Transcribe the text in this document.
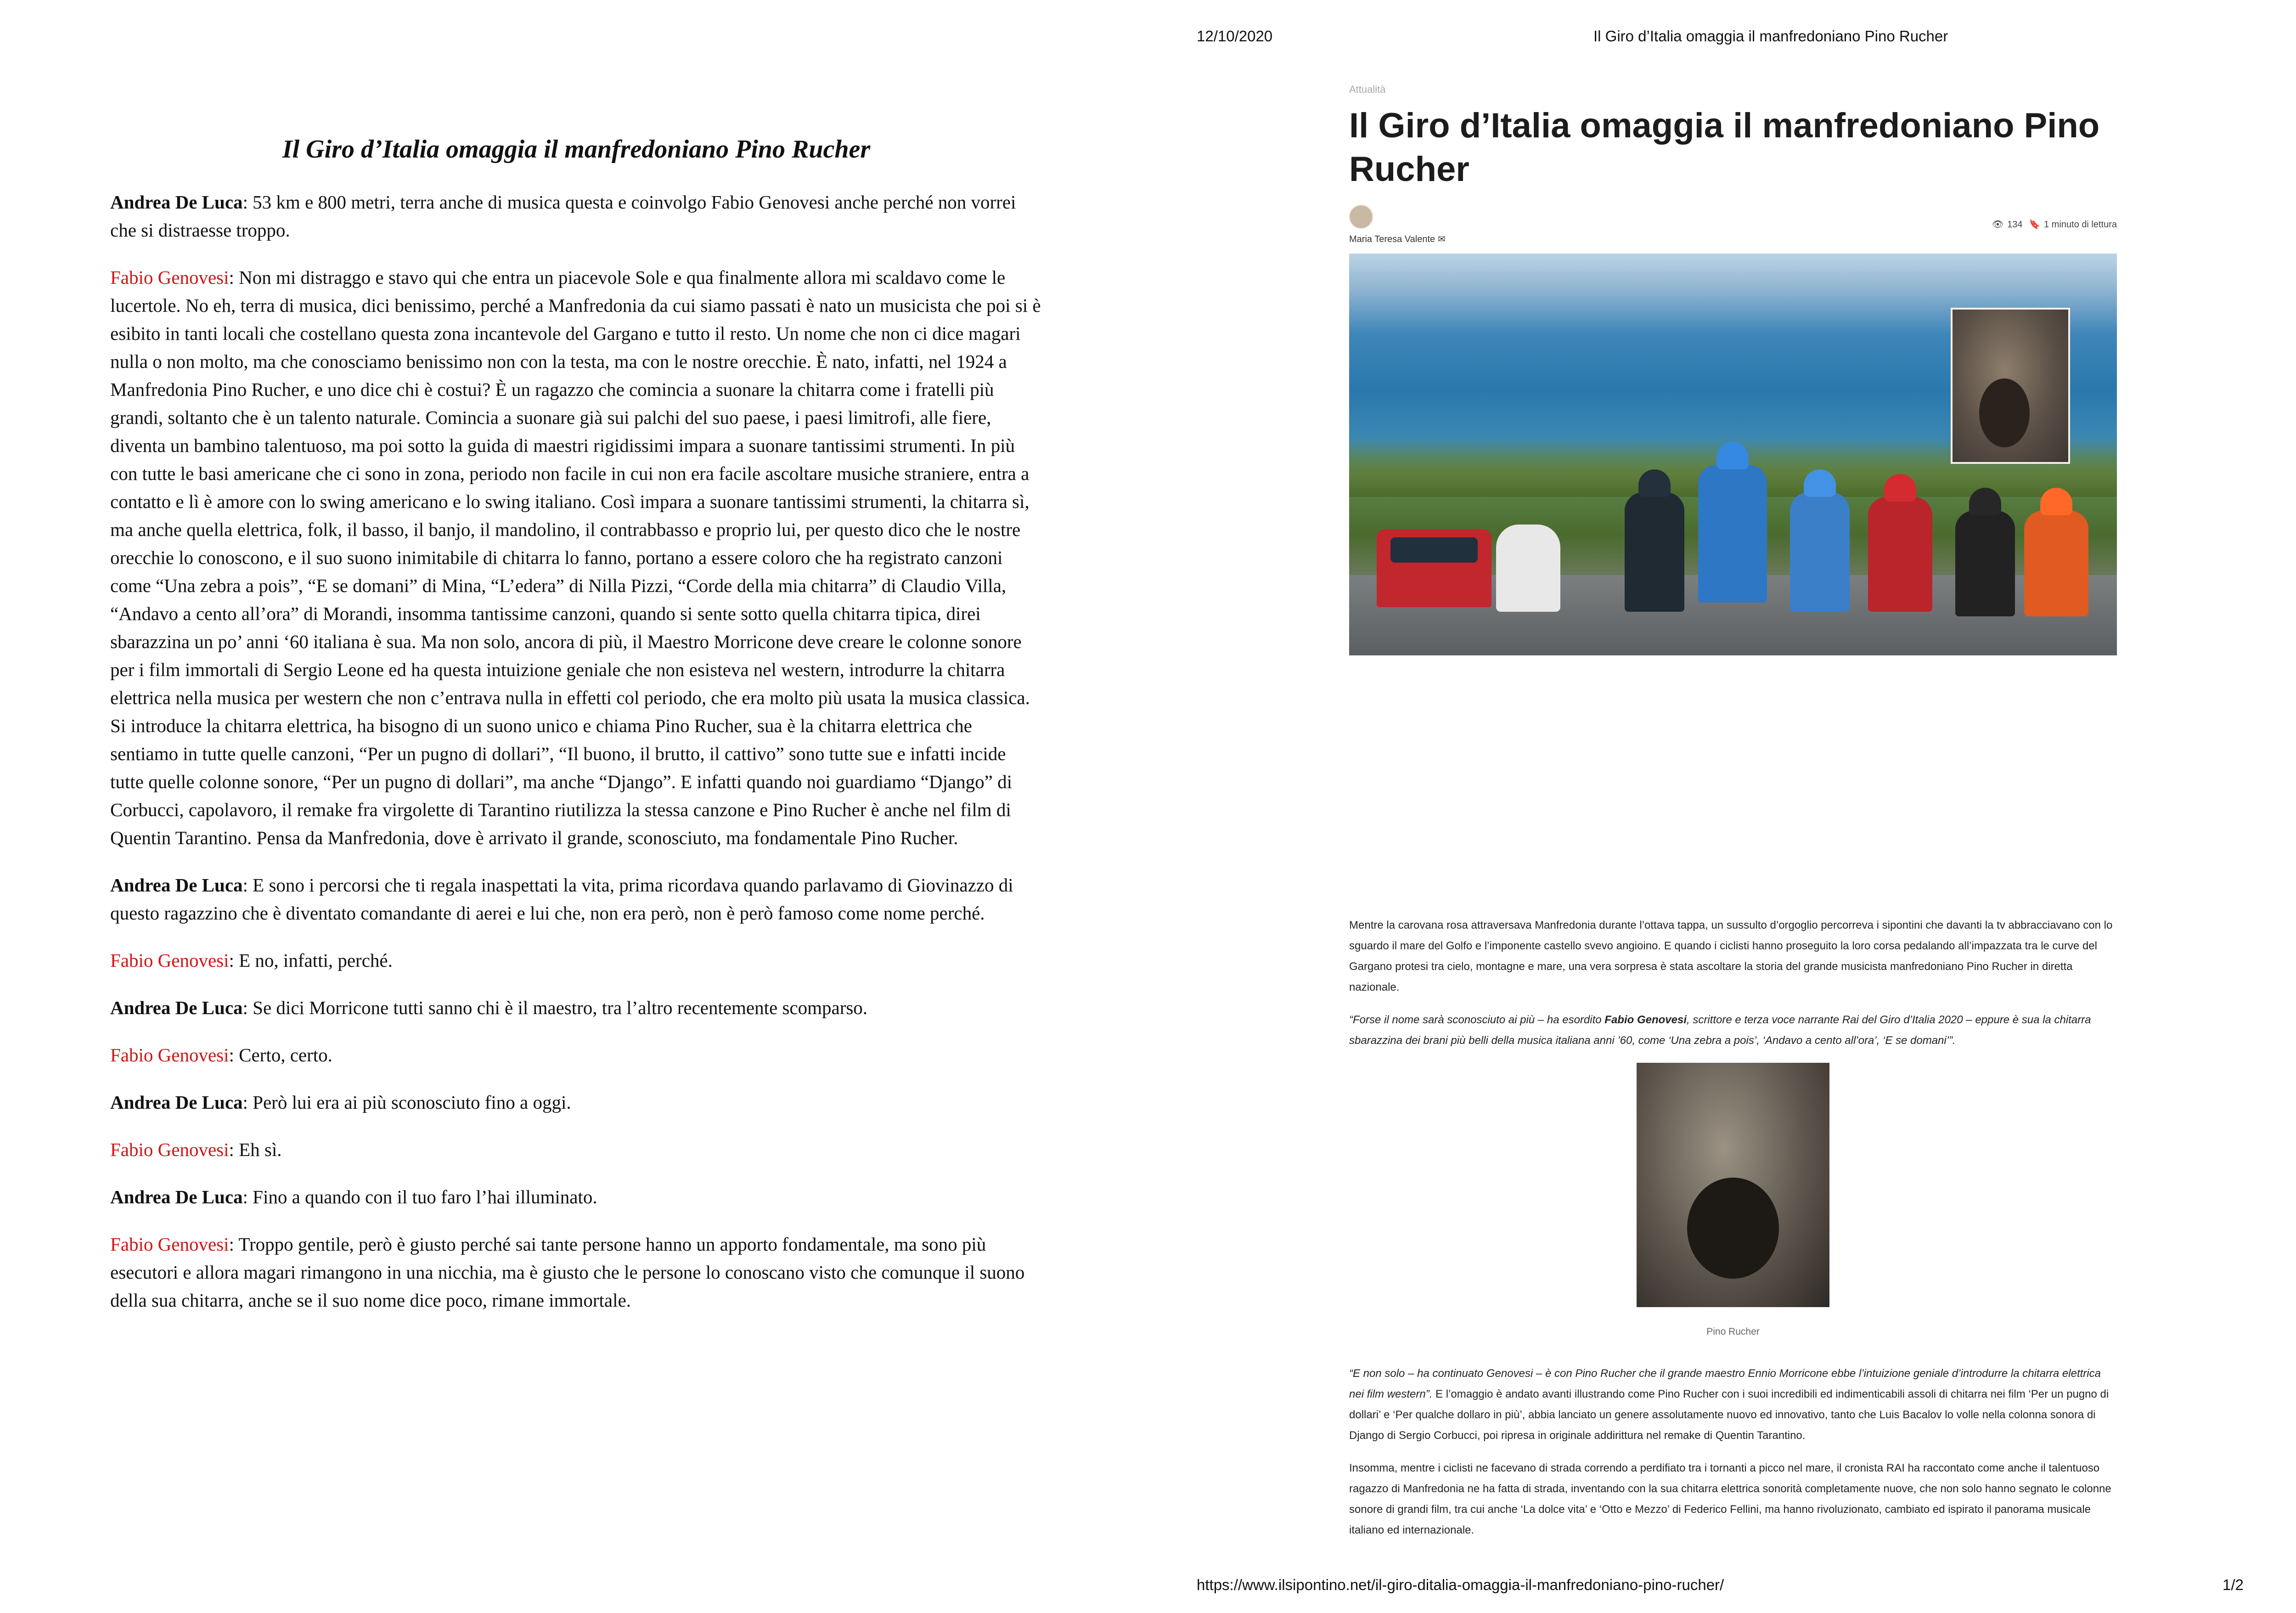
Il Giro d’Italia omaggia il manfredoniano Pino Rucher

Andrea De Luca: 53 km e 800 metri, terra anche di musica questa e coinvolgo Fabio Genovesi anche perché non vorrei che si distraesse troppo.

Fabio Genovesi: Non mi distraggo e stavo qui che entra un piacevole Sole e qua finalmente allora mi scaldavo come le lucertole. No eh, terra di musica, dici benissimo, perché a Manfredonia da cui siamo passati è nato un musicista che poi si è esibito in tanti locali che costellano questa zona incantevole del Gargano e tutto il resto. Un nome che non ci dice magari nulla o non molto, ma che conosciamo benissimo non con la testa, ma con le nostre orecchie. È nato, infatti, nel 1924 a Manfredonia Pino Rucher, e uno dice chi è costui? È un ragazzo che comincia a suonare la chitarra come i fratelli più grandi, soltanto che è un talento naturale. Comincia a suonare già sui palchi del suo paese, i paesi limitrofi, alle fiere, diventa un bambino talentuoso, ma poi sotto la guida di maestri rigidissimi impara a suonare tantissimi strumenti. In più con tutte le basi americane che ci sono in zona, periodo non facile in cui non era facile ascoltare musiche straniere, entra a contatto e lì è amore con lo swing americano e lo swing italiano. Così impara a suonare tantissimi strumenti, la chitarra sì, ma anche quella elettrica, folk, il basso, il banjo, il mandolino, il contrabbasso e proprio lui, per questo dico che le nostre orecchie lo conoscono, e il suo suono inimitabile di chitarra lo fanno, portano a essere coloro che ha registrato canzoni come “Una zebra a pois”, “E se domani” di Mina, “L’edera” di Nilla Pizzi, “Corde della mia chitarra” di Claudio Villa, “Andavo a cento all’ora” di Morandi, insomma tantissime canzoni, quando si sente sotto quella chitarra tipica, direi sbarazzina un po’ anni ‘60 italiana è sua. Ma non solo, ancora di più, il Maestro Morricone deve creare le colonne sonore per i film immortali di Sergio Leone ed ha questa intuizione geniale che non esisteva nel western, introdurre la chitarra elettrica nella musica per western che non c’entrava nulla in effetti col periodo, che era molto più usata la musica classica. Si introduce la chitarra elettrica, ha bisogno di un suono unico e chiama Pino Rucher, sua è la chitarra elettrica che sentiamo in tutte quelle canzoni, “Per un pugno di dollari”, “Il buono, il brutto, il cattivo” sono tutte sue e infatti incide tutte quelle colonne sonore, “Per un pugno di dollari”, ma anche “Django”. E infatti quando noi guardiamo “Django” di Corbucci, capolavoro, il remake fra virgolette di Tarantino riutilizza la stessa canzone e Pino Rucher è anche nel film di Quentin Tarantino. Pensa da Manfredonia, dove è arrivato il grande, sconosciuto, ma fondamentale Pino Rucher.

Andrea De Luca: E sono i percorsi che ti regala inaspettati la vita, prima ricordava quando parlavamo di Giovinazzo di questo ragazzino che è diventato comandante di aerei e lui che, non era però, non è però famoso come nome perché.

Fabio Genovesi: E no, infatti, perché.

Andrea De Luca: Se dici Morricone tutti sanno chi è il maestro, tra l’altro recentemente scomparso.

Fabio Genovesi: Certo, certo.

Andrea De Luca: Però lui era ai più sconosciuto fino a oggi.

Fabio Genovesi: Eh sì.

Andrea De Luca: Fino a quando con il tuo faro l’hai illuminato.

Fabio Genovesi: Troppo gentile, però è giusto perché sai tante persone hanno un apporto fondamentale, ma sono più esecutori e allora magari rimangono in una nicchia, ma è giusto che le persone lo conoscano visto che comunque il suono della sua chitarra, anche se il suo nome dice poco, rimane immortale.

12/10/2020	Il Giro d’Italia omaggia il manfredoniano Pino Rucher
https://www.ilsipontino.net/il-giro-ditalia-omaggia-il-manfredoniano-pino-rucher/	1/2
Attualità
Il Giro d’Italia omaggia il manfredoniano Pino Rucher
Maria Teresa Valente ✉
👁 134 🔖 1 minuto di lettura

Mentre la carovana rosa attraversava Manfredonia durante l’ottava tappa, un sussulto d’orgoglio percorreva i sipontini che davanti la tv abbracciavano con lo sguardo il mare del Golfo e l’imponente castello svevo angioino. E quando i ciclisti hanno proseguito la loro corsa pedalando all’impazzata tra le curve del Gargano protesi tra cielo, montagne e mare, una vera sorpresa è stata ascoltare la storia del grande musicista manfredoniano Pino Rucher in diretta nazionale.

“Forse il nome sarà sconosciuto ai più – ha esordito Fabio Genovesi, scrittore e terza voce narrante Rai del Giro d’Italia 2020 – eppure è sua la chitarra sbarazzina dei brani più belli della musica italiana anni ’60, come ‘Una zebra a pois’, ‘Andavo a cento all’ora’, ‘E se domani’”.

Pino Rucher

“E non solo – ha continuato Genovesi – è con Pino Rucher che il grande maestro Ennio Morricone ebbe l’intuizione geniale d’introdurre la chitarra elettrica nei film western”. E l’omaggio è andato avanti illustrando come Pino Rucher con i suoi incredibili ed indimenticabili assoli di chitarra nei film ‘Per un pugno di dollari’ e ‘Per qualche dollaro in più’, abbia lanciato un genere assolutamente nuovo ed innovativo, tanto che Luis Bacalov lo volle nella colonna sonora di Django di Sergio Corbucci, poi ripresa in originale addirittura nel remake di Quentin Tarantino.

Insomma, mentre i ciclisti ne facevano di strada correndo a perdifiato tra i tornanti a picco nel mare, il cronista RAI ha raccontato come anche il talentuoso ragazzo di Manfredonia ne ha fatta di strada, inventando con la sua chitarra elettrica sonorità completamente nuove, che non solo hanno segnato le colonne sonore di grandi film, tra cui anche ‘La dolce vita’ e ‘Otto e Mezzo’ di Federico Fellini, ma hanno rivoluzionato, cambiato ed ispirato il panorama musicale italiano ed internazionale.
